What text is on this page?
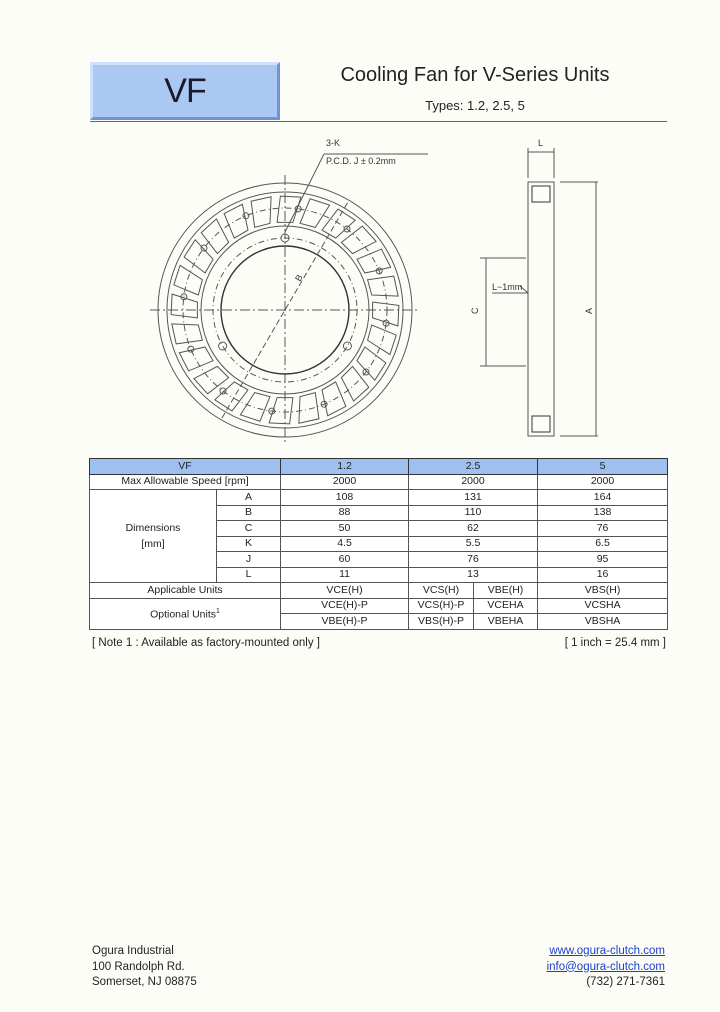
VF	Cooling Fan for V-Series Units
Types: 1.2, 2.5, 5
3-K
P.C.D. J ± 0.2mm
B
L
L−1mm
C	A
VF		1.2	2.5		5
Max Allowable Speed [rpm]		2000	2000		2000

Dimensions
[mm]	A	108	131		164
	B	88	110		138
	C	50	62		76
	K	4.5	5.5		6.5
	J	60	76		95
	L	11	13		16
Applicable Units		VCE(H)	VCS(H)	VBE(H)	VBS(H)
Optional Units$^1$		VCE(H)-P	VCS(H)-P	VCEHA	VCSHA
		VBE(H)-P	VBS(H)-P	VBEHA	VBSHA
[ Note 1 : Available as factory-mounted only ]	[ 1 inch = 25.4 mm ]
Ogura Industrial
100 Randolph Rd.
Somerset, NJ 08875
www.ogura-clutch.com
info@ogura-clutch.com
(732) 271-7361
